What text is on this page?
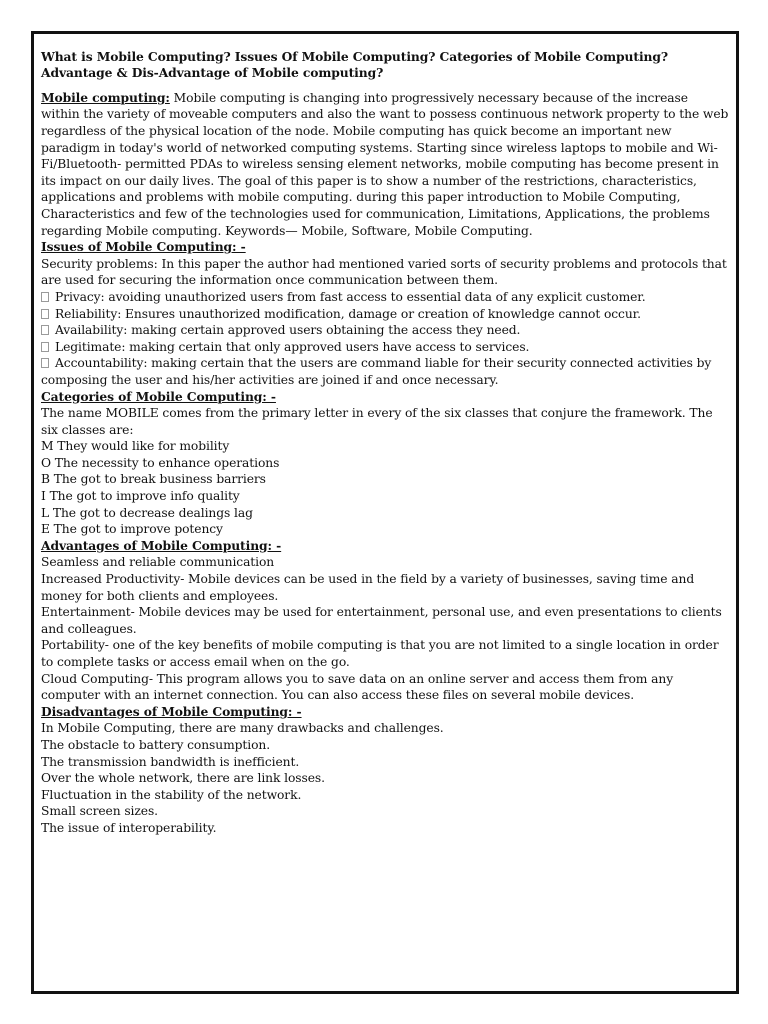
What is Mobile Computing? Issues Of Mobile Computing? Categories of Mobile Computing? Advantage & Dis-Advantage of Mobile computing?

Mobile computing: Mobile computing is changing into progressively necessary because of the increase within the variety of moveable computers and also the want to possess continuous network property to the web regardless of the physical location of the node. Mobile computing has quick become an important new paradigm in today's world of networked computing systems. Starting since wireless laptops to mobile and Wi-Fi/Bluetooth- permitted PDAs to wireless sensing element networks, mobile computing has become present in its impact on our daily lives. The goal of this paper is to show a number of the restrictions, characteristics, applications and problems with mobile computing. during this paper introduction to Mobile Computing, Characteristics and few of the technologies used for communication, Limitations, Applications, the problems regarding Mobile computing. Keywords— Mobile, Software, Mobile Computing.

Issues of Mobile Computing: -

Security problems: In this paper the author had mentioned varied sorts of security problems and protocols that are used for securing the information once communication between them.

Privacy: avoiding unauthorized users from fast access to essential data of any explicit customer.
Reliability: Ensures unauthorized modification, damage or creation of knowledge cannot occur.
Availability: making certain approved users obtaining the access they need.
Legitimate: making certain that only approved users have access to services.
Accountability: making certain that the users are command liable for their security connected activities by composing the user and his/her activities are joined if and once necessary.
Categories of Mobile Computing: -

The name MOBILE comes from the primary letter in every of the six classes that conjure the framework. The six classes are:

M They would like for mobility
O The necessity to enhance operations
B The got to break business barriers
I The got to improve info quality
L The got to decrease dealings lag
E The got to improve potency
Advantages of Mobile Computing: -
Seamless and reliable communication
Increased Productivity- Mobile devices can be used in the field by a variety of businesses, saving time and money for both clients and employees.
Entertainment- Mobile devices may be used for entertainment, personal use, and even presentations to clients and colleagues.
Portability- one of the key benefits of mobile computing is that you are not limited to a single location in order to complete tasks or access email when on the go.
Cloud Computing- This program allows you to save data on an online server and access them from any computer with an internet connection. You can also access these files on several mobile devices.
Disadvantages of Mobile Computing: -
In Mobile Computing, there are many drawbacks and challenges.
The obstacle to battery consumption.
The transmission bandwidth is inefficient.
Over the whole network, there are link losses.
Fluctuation in the stability of the network.
Small screen sizes.
The issue of interoperability.
